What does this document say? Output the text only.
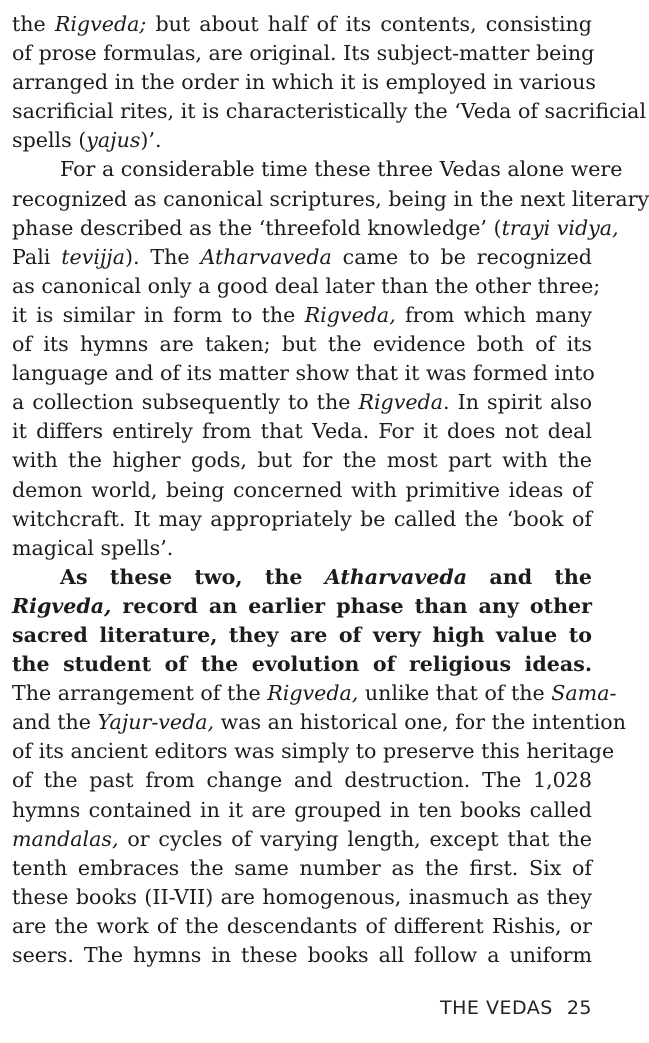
the Rigveda; but about half of its contents, consisting
of prose formulas, are original. Its subject-matter being
arranged in the order in which it is employed in various
sacrificial rites, it is characteristically the ‘Veda of sacrificial
spells (yajus)’.
For a considerable time these three Vedas alone were
recognized as canonical scriptures, being in the next literary
phase described as the ‘threefold knowledge’ (trayi vidya,
Pali tevijja). The Atharvaveda came to be recognized
as canonical only a good deal later than the other three;
it is similar in form to the Rigveda, from which many
of its hymns are taken; but the evidence both of its
language and of its matter show that it was formed into
a collection subsequently to the Rigveda. In spirit also
it differs entirely from that Veda. For it does not deal
with the higher gods, but for the most part with the
demon world, being concerned with primitive ideas of
witchcraft. It may appropriately be called the ‘book of
magical spells’.
As these two, the Atharvaveda and the
Rigveda, record an earlier phase than any other
sacred literature, they are of very high value to
the student of the evolution of religious ideas.
The arrangement of the Rigveda, unlike that of the Sama-
and the Yajur-veda, was an historical one, for the intention
of its ancient editors was simply to preserve this heritage
of the past from change and destruction. The 1,028
hymns contained in it are grouped in ten books called
mandalas, or cycles of varying length, except that the
tenth embraces the same number as the first. Six of
these books (II-VII) are homogenous, inasmuch as they
are the work of the descendants of different Rishis, or
seers. The hymns in these books all follow a uniform
THE VEDAS 25
